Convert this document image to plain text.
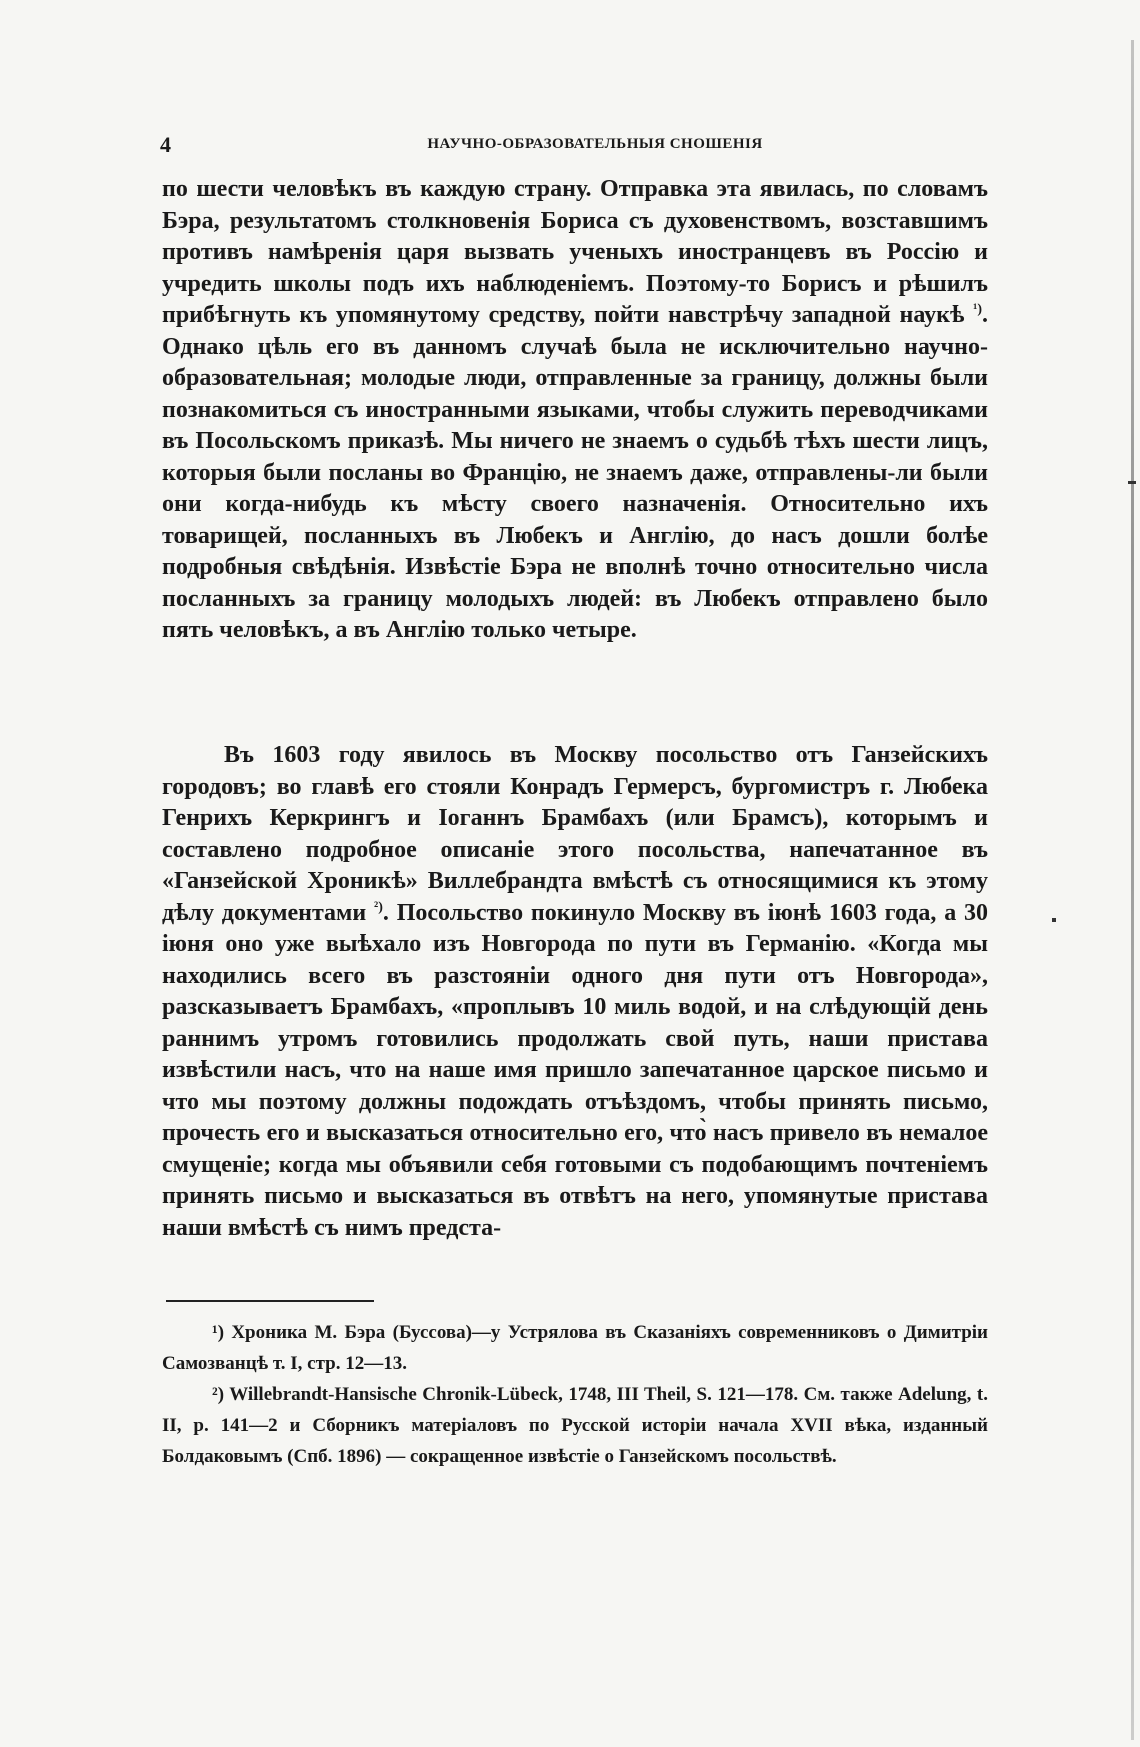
4	НАУЧНО-ОБРАЗОВАТЕЛЬНЫЯ СНОШЕНІЯ

по шести человѣкъ въ каждую страну. Отправка эта явилась, по словамъ Бэра, результатомъ столкновенія Бориса съ духовенствомъ, возставшимъ противъ намѣренія царя вызвать ученыхъ иностранцевъ въ Россію и учредить школы подъ ихъ наблюденіемъ. Поэтому-то Борисъ и рѣшилъ прибѣгнуть къ упомянутому средству, пойти навстрѣчу западной наукѣ $^{^1)}$. Однако цѣль его въ данномъ случаѣ была не исключительно научно-образовательная; молодые люди, отправленные за границу, должны были познакомиться съ иностранными языками, чтобы служить переводчиками въ Посольскомъ приказѣ. Мы ничего не знаемъ о судьбѣ тѣхъ шести лицъ, которыя были посланы во Францію, не знаемъ даже, отправлены-ли были они когда-нибудь къ мѣсту своего назначенія. Относительно ихъ товарищей, посланныхъ въ Любекъ и Англію, до насъ дошли болѣе подробныя свѣдѣнія. Извѣстіе Бэра не вполнѣ точно относительно числа посланныхъ за границу молодыхъ людей: въ Любекъ отправлено было пять человѣкъ, а въ Англію только четыре.

Въ 1603 году явилось въ Москву посольство отъ Ганзейскихъ городовъ; во главѣ его стояли Конрадъ Гермерсъ, бургомистръ г. Любека Генрихъ Керкрингъ и Іоганнъ Брамбахъ (или Брамсъ), которымъ и составлено подробное описаніе этого посольства, напечатанное въ «Ганзейской Хроникѣ» Виллебрандта вмѣстѣ съ относящимися къ этому дѣлу документами $^{^2)}$. Посольство покинуло Москву въ іюнѣ 1603 года, а 30 іюня оно уже выѣхало изъ Новгорода по пути въ Германію. «Когда мы находились всего въ разстояніи одного дня пути отъ Новгорода», разсказываетъ Брамбахъ, «проплывъ 10 миль водой, и на слѣдующій день раннимъ утромъ готовились продолжать свой путь, наши пристава извѣстили насъ, что на наше имя пришло запечатанное царское письмо и что мы поэтому должны подождать отъѣздомъ, чтобы принять письмо, прочесть его и высказаться относительно его, что̀ насъ привело въ немалое смущеніе; когда мы объявили себя готовыми съ подобающимъ почтеніемъ принять письмо и высказаться въ отвѣтъ на него, упомянутые пристава наши вмѣстѣ съ нимъ предста-

¹) Хроника М. Бэра (Буссова)—у Устрялова въ Сказаніяхъ современниковъ о Димитріи Самозванцѣ т. I, стр. 12—13.

²) Willebrandt-Hansische Chronik-Lübeck, 1748, III Theil, S. 121—178. См. также Adelung, t. II, p. 141—2 и Сборникъ матеріаловъ по Русской исторіи начала XVII вѣка, изданный Болдаковымъ (Спб. 1896) — сокращенное извѣстіе о Ганзейскомъ посольствѣ.
